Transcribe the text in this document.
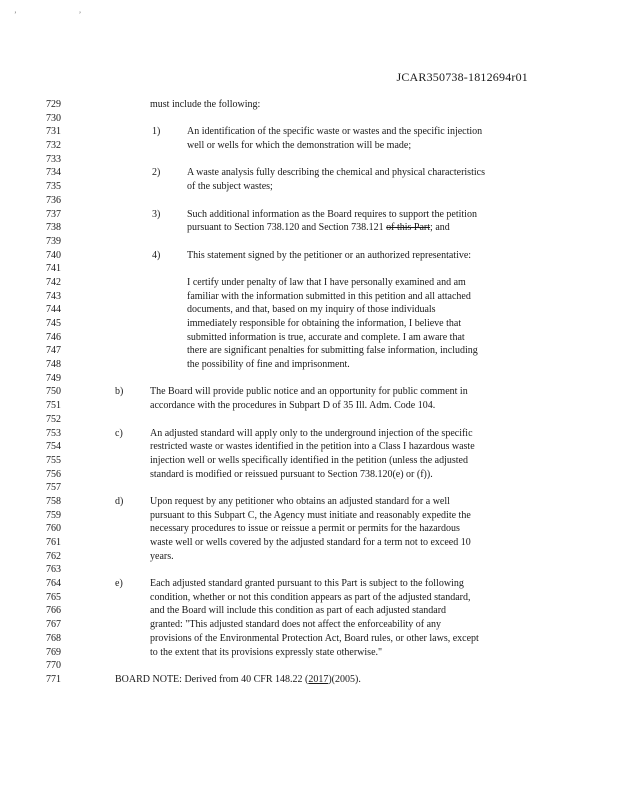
ʼ ʼ
JCAR350738-1812694r01
729
730
731
732
733
734
735
736
737
738
739
740
741
742
743
744
745
746
747
748
749
750
751
752
753
754
755
756
757
758
759
760
761
762
763
764
765
766
767
768
769
770
771
must include the following:
1)	An identification of the specific waste or wastes and the specific injection
well or wells for which the demonstration will be made;
2)	A waste analysis fully describing the chemical and physical characteristics
of the subject wastes;
3)	Such additional information as the Board requires to support the petition
pursuant to Section 738.120 and Section 738.121 of this Part; and
4)	This statement signed by the petitioner or an authorized representative:
I certify under penalty of law that I have personally examined and am
familiar with the information submitted in this petition and all attached
documents, and that, based on my inquiry of those individuals
immediately responsible for obtaining the information, I believe that
submitted information is true, accurate and complete. I am aware that
there are significant penalties for submitting false information, including
the possibility of fine and imprisonment.
b)	The Board will provide public notice and an opportunity for public comment in
accordance with the procedures in Subpart D of 35 Ill. Adm. Code 104.
c)	An adjusted standard will apply only to the underground injection of the specific
restricted waste or wastes identified in the petition into a Class I hazardous waste
injection well or wells specifically identified in the petition (unless the adjusted
standard is modified or reissued pursuant to Section 738.120(e) or (f)).
d)	Upon request by any petitioner who obtains an adjusted standard for a well
pursuant to this Subpart C, the Agency must initiate and reasonably expedite the
necessary procedures to issue or reissue a permit or permits for the hazardous
waste well or wells covered by the adjusted standard for a term not to exceed 10
years.
e)	Each adjusted standard granted pursuant to this Part is subject to the following
condition, whether or not this condition appears as part of the adjusted standard,
and the Board will include this condition as part of each adjusted standard
granted: "This adjusted standard does not affect the enforceability of any
provisions of the Environmental Protection Act, Board rules, or other laws, except
to the extent that its provisions expressly state otherwise."
BOARD NOTE: Derived from 40 CFR 148.22 (2017)(2005).
